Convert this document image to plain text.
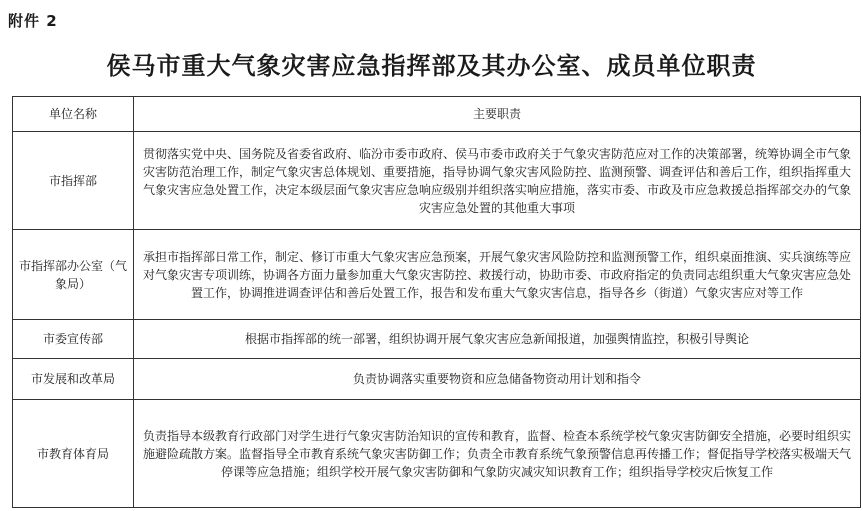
附件 2
侯马市重大气象灾害应急指挥部及其办公室、成员单位职责
单位名称	主要职责
市指挥部	贯彻落实党中央、国务院及省委省政府、临汾市委市政府、侯马市委市政府关于气象灾害防范应对工作的决策部署，统筹协调全市气象灾害防范治理工作，制定气象灾害总体规划、重要措施，指导协调气象灾害风险防控、监测预警、调查评估和善后工作，组织指挥重大气象灾害应急处置工作，决定本级层面气象灾害应急响应级别并组织落实响应措施，落实市委、市政及市应急救援总指挥部交办的气象灾害应急处置的其他重大事项
市指挥部办公室（气象局）	承担市指挥部日常工作，制定、修订市重大气象灾害应急预案，开展气象灾害风险防控和监测预警工作，组织桌面推演、实兵演练等应对气象灾害专项训练，协调各方面力量参加重大气象灾害防控、救援行动，协助市委、市政府指定的负责同志组织重大气象灾害应急处置工作，协调推进调查评估和善后处置工作，报告和发布重大气象灾害信息，指导各乡（街道）气象灾害应对等工作
市委宣传部	根据市指挥部的统一部署，组织协调开展气象灾害应急新闻报道，加强舆情监控，积极引导舆论
市发展和改革局	负责协调落实重要物资和应急储备物资动用计划和指令
市教育体育局	负责指导本级教育行政部门对学生进行气象灾害防治知识的宣传和教育，监督、检查本系统学校气象灾害防御安全措施，必要时组织实施避险疏散方案。监督指导全市教育系统气象灾害防御工作；负责全市教育系统气象预警信息再传播工作；督促指导学校落实极端天气停课等应急措施；组织学校开展气象灾害防御和气象防灾减灾知识教育工作；组织指导学校灾后恢复工作
